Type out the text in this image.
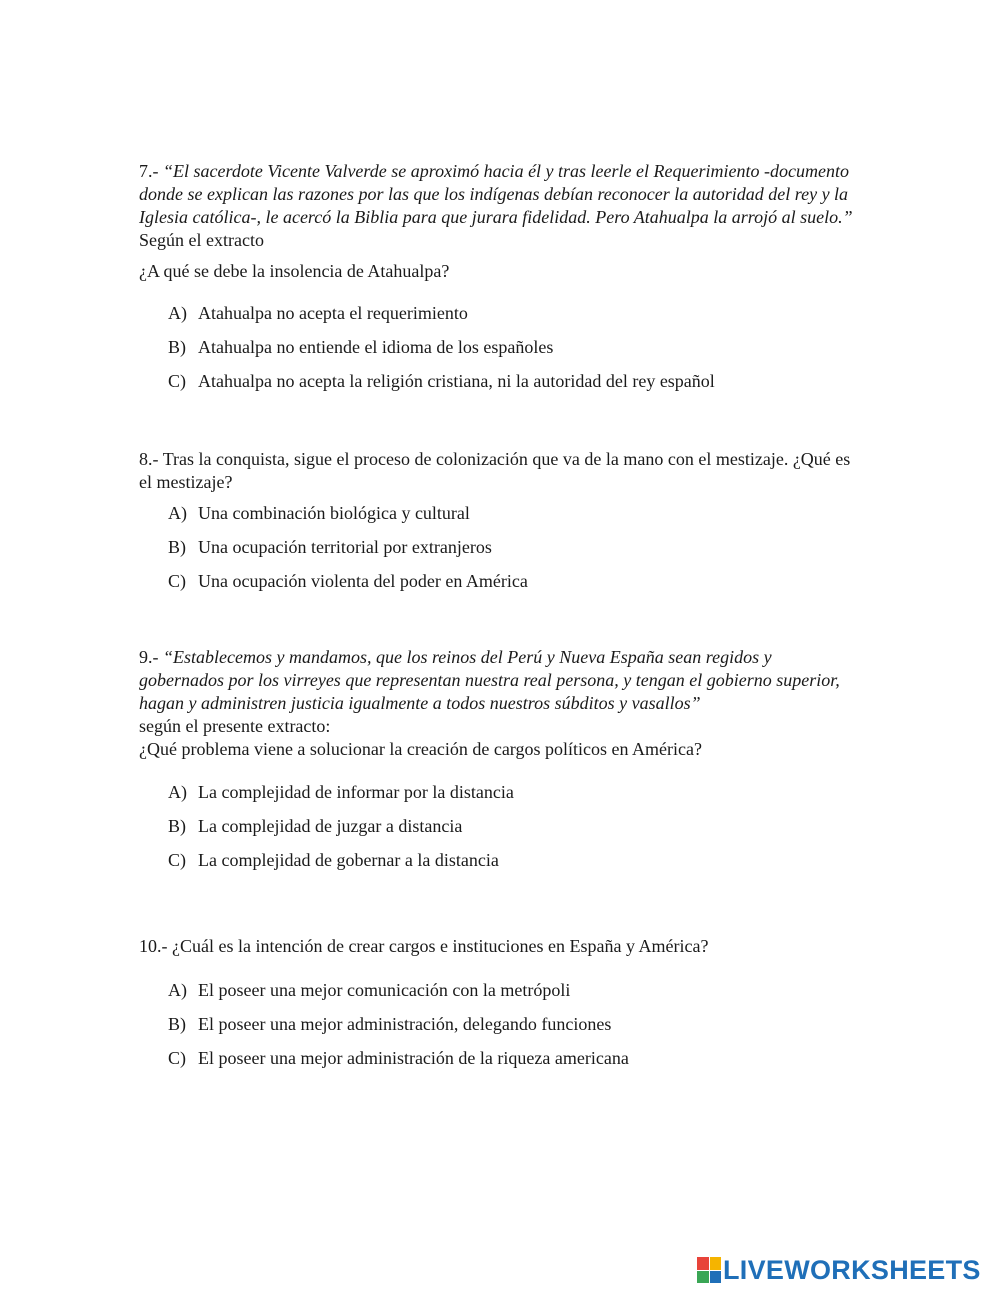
7.- “El sacerdote Vicente Valverde se aproximó hacia él y tras leerle el Requerimiento -documento donde se explican las razones por las que los indígenas debían reconocer la autoridad del rey y la Iglesia católica-, le acercó la Biblia para que jurara fidelidad. Pero Atahualpa la arrojó al suelo.” Según el extracto

¿A qué se debe la insolencia de Atahualpa?

A) Atahualpa no acepta el requerimiento
B) Atahualpa no entiende el idioma de los españoles
C) Atahualpa no acepta la religión cristiana, ni la autoridad del rey español

8.- Tras la conquista, sigue el proceso de colonización que va de la mano con el mestizaje. ¿Qué es el mestizaje?

A) Una combinación biológica y cultural
B) Una ocupación territorial por extranjeros
C) Una ocupación violenta del poder en América

9.- “Establecemos y mandamos, que los reinos del Perú y Nueva España sean regidos y gobernados por los virreyes que representan nuestra real persona, y tengan el gobierno superior, hagan y administren justicia igualmente a todos nuestros súbditos y vasallos”
según el presente extracto:
¿Qué problema viene a solucionar la creación de cargos políticos en América?

A) La complejidad de informar por la distancia
B) La complejidad de juzgar a distancia
C) La complejidad de gobernar a la distancia

10.- ¿Cuál es la intención de crear cargos e instituciones en España y América?

A) El poseer una mejor comunicación con la metrópoli
B) El poseer una mejor administración, delegando funciones
C) El poseer una mejor administración de la riqueza americana
LIVEWORKSHEETS
